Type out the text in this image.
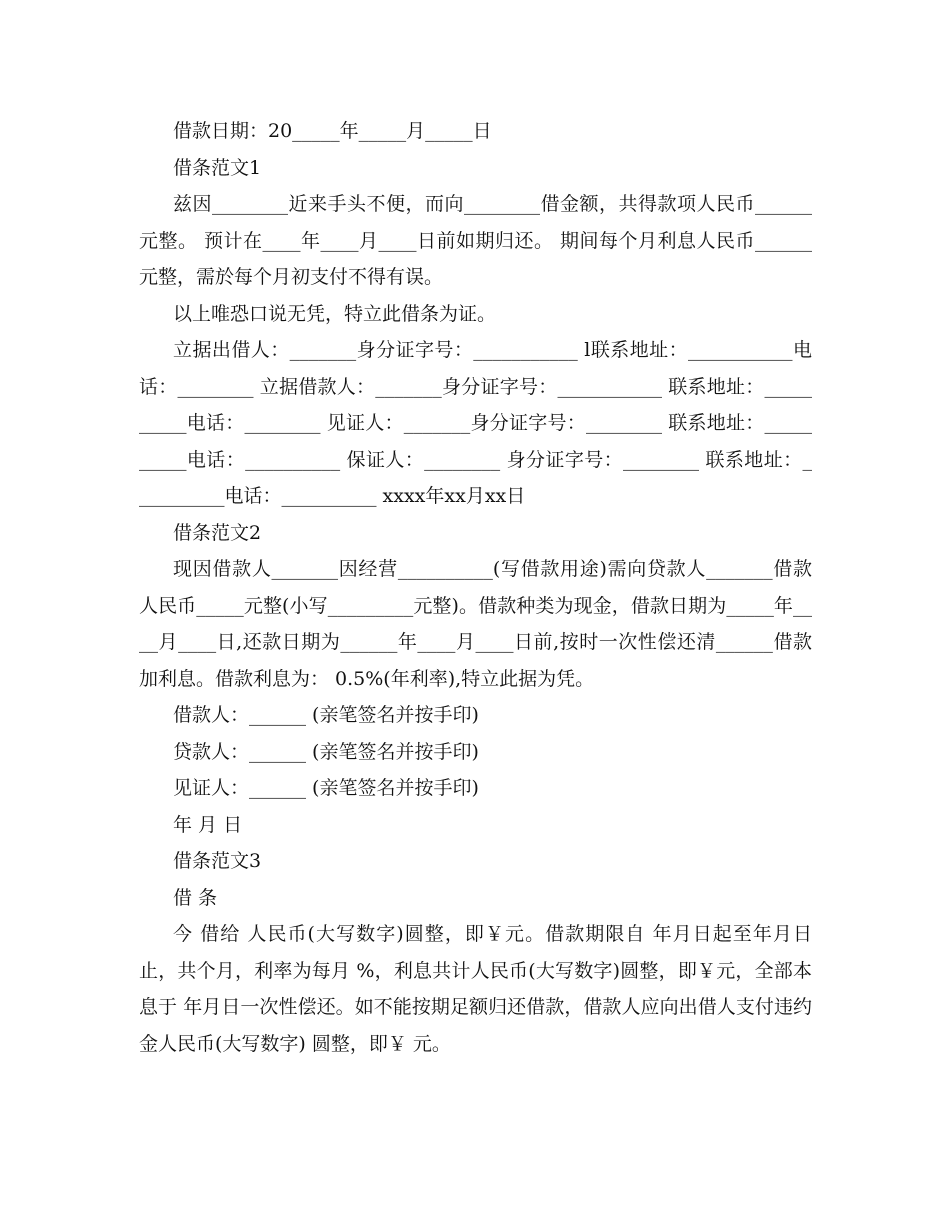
借款日期：20_____年_____月_____日

借条范文1

兹因________近来手头不便，而向________借金额，共得款项人民币______元整。 预计在____年____月____日前如期归还。 期间每个月利息人民币______元整，需於每个月初支付不得有误。

以上唯恐口说无凭，特立此借条为证。

立据出借人：_______身分证字号：___________ l联系地址：___________电话：________ 立据借款人：_______身分证字号：___________ 联系地址：__________电话：________ 见证人：_______身分证字号：________ 联系地址：__________电话：__________ 保证人：________ 身分证字号：________ 联系地址：__________电话：__________ xxxx年xx月xx日

借条范文2

现因借款人_______因经营__________(写借款用途)需向贷款人_______借款人民币_____元整(小写_________元整)。借款种类为现金，借款日期为_____年____月____日,还款日期为______年____月____日前,按时一次性偿还清______借款加利息。借款利息为： 0.5%(年利率),特立此据为凭。

借款人：______ (亲笔签名并按手印)

贷款人：______ (亲笔签名并按手印)

见证人：______ (亲笔签名并按手印)

年 月 日

借条范文3

借 条

今 借给 人民币(大写数字)圆整，即￥元。借款期限自 年月日起至年月日止，共个月，利率为每月 %，利息共计人民币(大写数字)圆整，即￥元，全部本息于 年月日一次性偿还。如不能按期足额归还借款，借款人应向出借人支付违约金人民币(大写数字) 圆整，即￥ 元。
